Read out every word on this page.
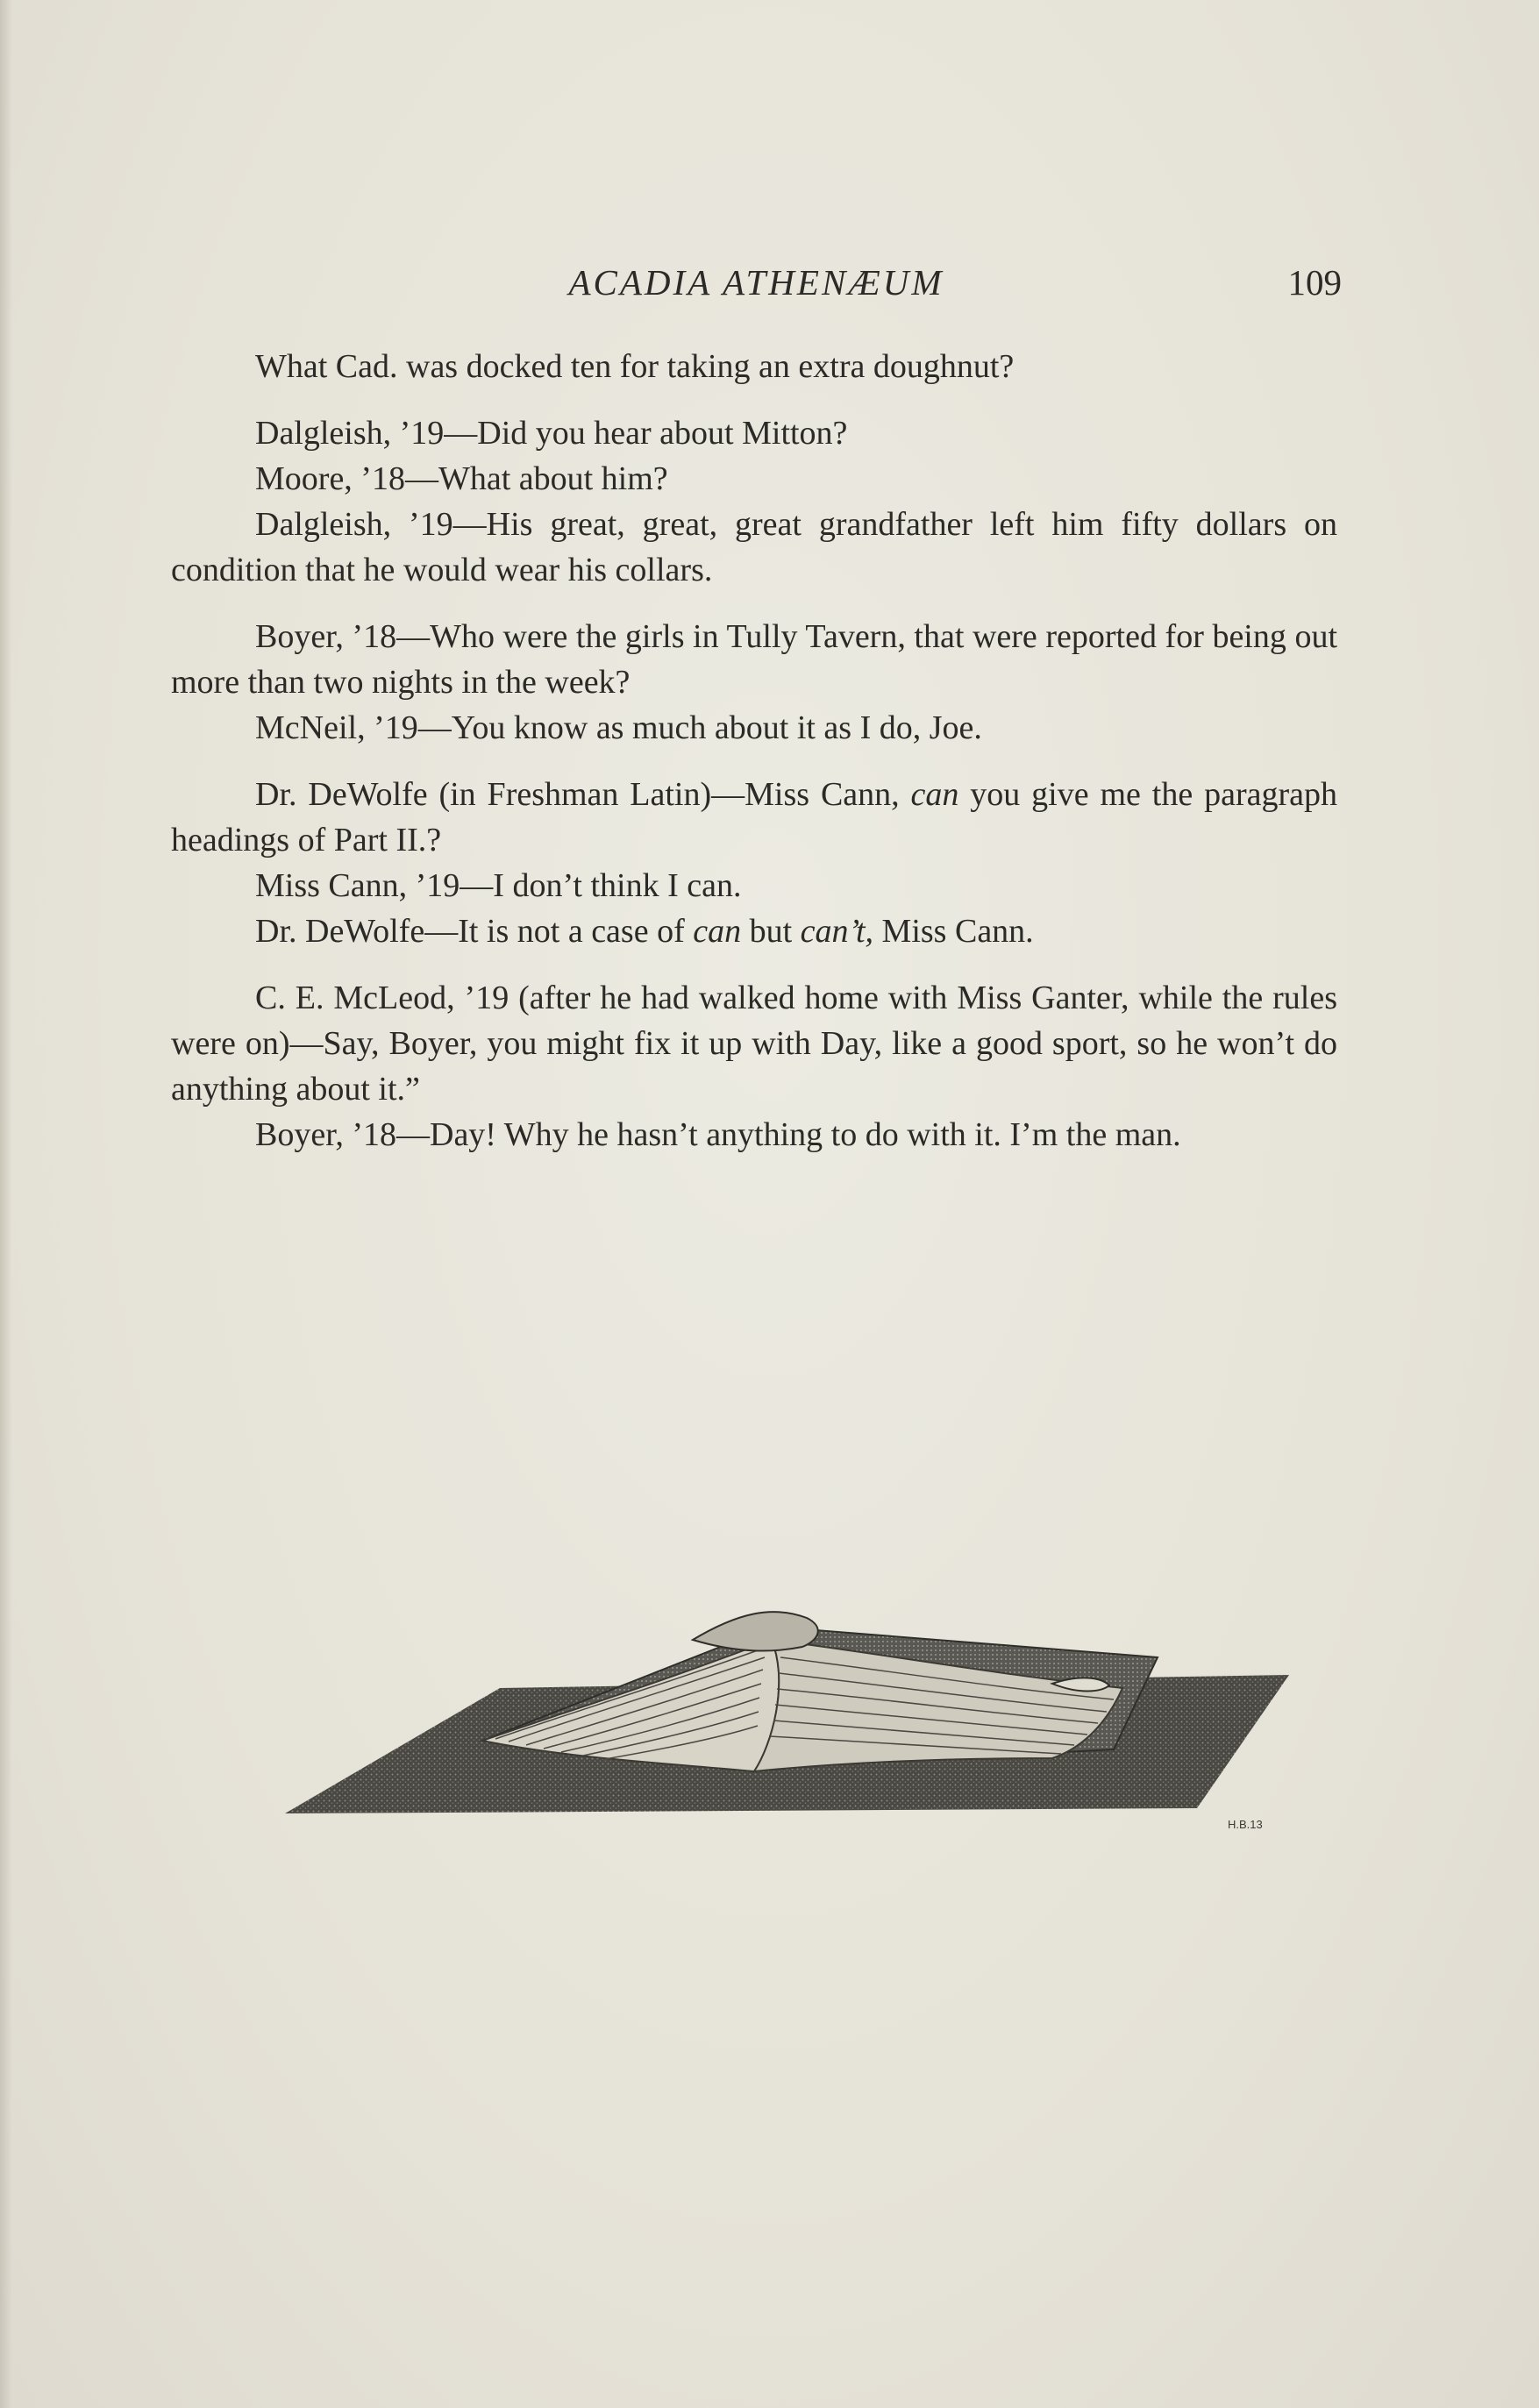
ACADIA ATHENÆUM	109

What Cad. was docked ten for taking an extra doughnut?

Dalgleish, ’19—Did you hear about Mitton?

Moore, ’18—What about him?

Dalgleish, ’19—His great, great, great grandfather left him fifty dollars on condition that he would wear his collars.

Boyer, ’18—Who were the girls in Tully Tavern, that were reported for being out more than two nights in the week?

McNeil, ’19—You know as much about it as I do, Joe.

Dr. DeWolfe (in Freshman Latin)—Miss Cann, can you give me the paragraph headings of Part II.?

Miss Cann, ’19—I don’t think I can.

Dr. DeWolfe—It is not a case of can but can’t, Miss Cann.

C. E. McLeod, ’19 (after he had walked home with Miss Ganter, while the rules were on)—Say, Boyer, you might fix it up with Day, like a good sport, so he won’t do anything about it.”

Boyer, ’18—Day! Why he hasn’t anything to do with it. I’m the man.

H.B.13
